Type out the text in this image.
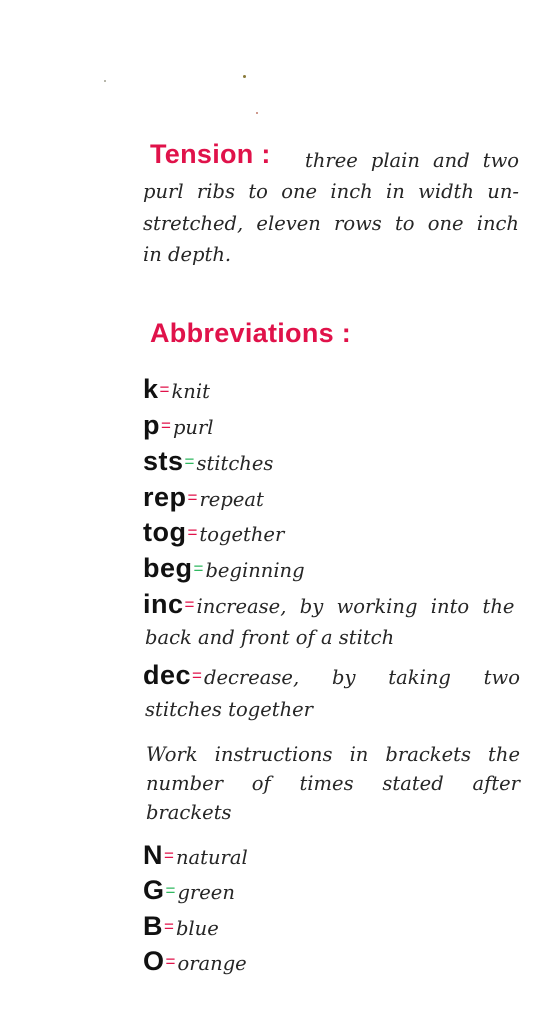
Tension : three plain and two
purl ribs to one inch in width un-
stretched, eleven rows to one inch
in depth.
Abbreviations :
k= knit
p= purl
sts= stitches
rep= repeat
tog= together
beg= beginning
inc= increase, by working into the
back and front of a stitch
dec= decrease, by taking two
stitches together
Work instructions in brackets the
number of times stated after
brackets
N= natural
G= green
B= blue
O= orange
